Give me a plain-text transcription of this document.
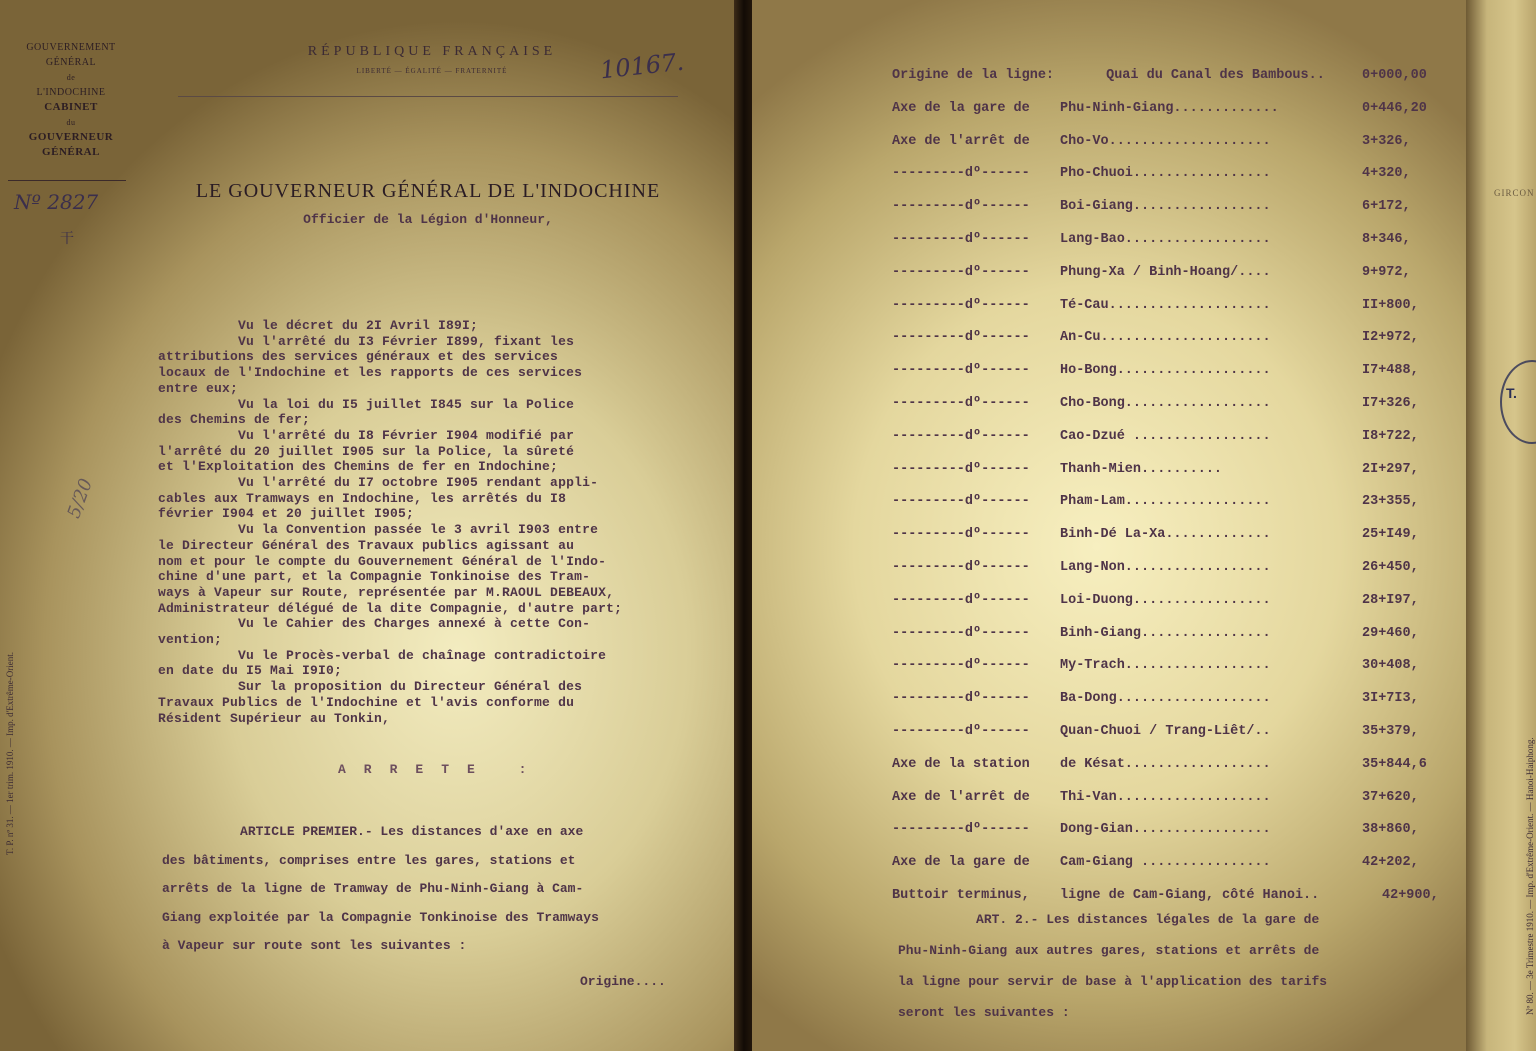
GOUVERNEMENT GÉNÉRAL
de
L'INDOCHINE
CABINET
du
GOUVERNEUR GÉNÉRAL
Nº 2827
干
5/20
RÉPUBLIQUE FRANÇAISE
LIBERTÉ — ÉGALITÉ — FRATERNITÉ	10167.
LE GOUVERNEUR GÉNÉRAL DE L'INDOCHINE
Officier de la Légion d'Honneur,
Vu le décret du 2I Avril I89I;
Vu l'arrêté du I3 Février I899, fixant les
attributions des services généraux et des services
locaux de l'Indochine et les rapports de ces services
entre eux;
Vu la loi du I5 juillet I845 sur la Police
des Chemins de fer;
Vu l'arrêté du I8 Février I904 modifié par
l'arrêté du 20 juillet I905 sur la Police, la sûreté
et l'Exploitation des Chemins de fer en Indochine;
Vu l'arrêté du I7 octobre I905 rendant appli-
cables aux Tramways en Indochine, les arrêtés du I8
février I904 et 20 juillet I905;
Vu la Convention passée le 3 avril I903 entre
le Directeur Général des Travaux publics agissant au
nom et pour le compte du Gouvernement Général de l'Indo-
chine d'une part, et la Compagnie Tonkinoise des Tram-
ways à Vapeur sur Route, représentée par M.RAOUL DEBEAUX,
Administrateur délégué de la dite Compagnie, d'autre part;
Vu le Cahier des Charges annexé à cette Con-
vention;
Vu le Procès-verbal de chaînage contradictoire
en date du I5 Mai I9I0;
Sur la proposition du Directeur Général des
Travaux Publics de l'Indochine et l'avis conforme du
Résident Supérieur au Tonkin,
ARRETE :
ARTICLE PREMIER.- Les distances d'axe en axe
des bâtiments, comprises entre les gares, stations et
arrêts de la ligne de Tramway de Phu-Ninh-Giang à Cam-
Giang exploitée par la Compagnie Tonkinoise des Tramways
à Vapeur sur route sont les suivantes :
Origine....
T. P. nº 31. — 1er trim. 1910. — Imp. d'Extrême-Orient.
Origine de la ligne:	Quai du Canal des Bambous..	0+000,00
Axe de la gare de Phu-Ninh-Giang.............	0+446,20
Axe de l'arrêt de Cho-Vo....................	3+326,
---------dº------ Pho-Chuoi.................	4+320,
---------dº------ Boi-Giang.................	6+172,
---------dº------ Lang-Bao..................	8+346,
---------dº------ Phung-Xa / Binh-Hoang/....	9+972,
---------dº------ Té-Cau....................	II+800,
---------dº------ An-Cu.....................	I2+972,
---------dº------ Ho-Bong...................	I7+488,
---------dº------ Cho-Bong..................	I7+326,
---------dº------ Cao-Dzué .................	I8+722,
---------dº------ Thanh-Mien..........	2I+297,
---------dº------ Pham-Lam..................	23+355,
---------dº------ Binh-Dé La-Xa.............	25+I49,
---------dº------ Lang-Non..................	26+450,
---------dº------ Loi-Duong.................	28+I97,
---------dº------ Binh-Giang................	29+460,
---------dº------ My-Trach..................	30+408,
---------dº------ Ba-Dong...................	3I+7I3,
---------dº------ Quan-Chuoi / Trang-Liêt/..	35+379,
Axe de la station de Késat..................	35+844,6
Axe de l'arrêt de Thi-Van...................	37+620,
---------dº------ Dong-Gian.................	38+860,
Axe de la gare de Cam-Giang ................	42+202,
Buttoir terminus, ligne de Cam-Giang, côté Hanoi..	42+900,
ART. 2.- Les distances légales de la gare de
Phu-Ninh-Giang aux autres gares, stations et arrêts de
la ligne pour servir de base à l'application des tarifs
seront les suivantes :
GIRCON
T.
Nº 80. — 3e Trimestre 1910. — Imp. d'Extrême-Orient. — Hanoi-Haiphong.
